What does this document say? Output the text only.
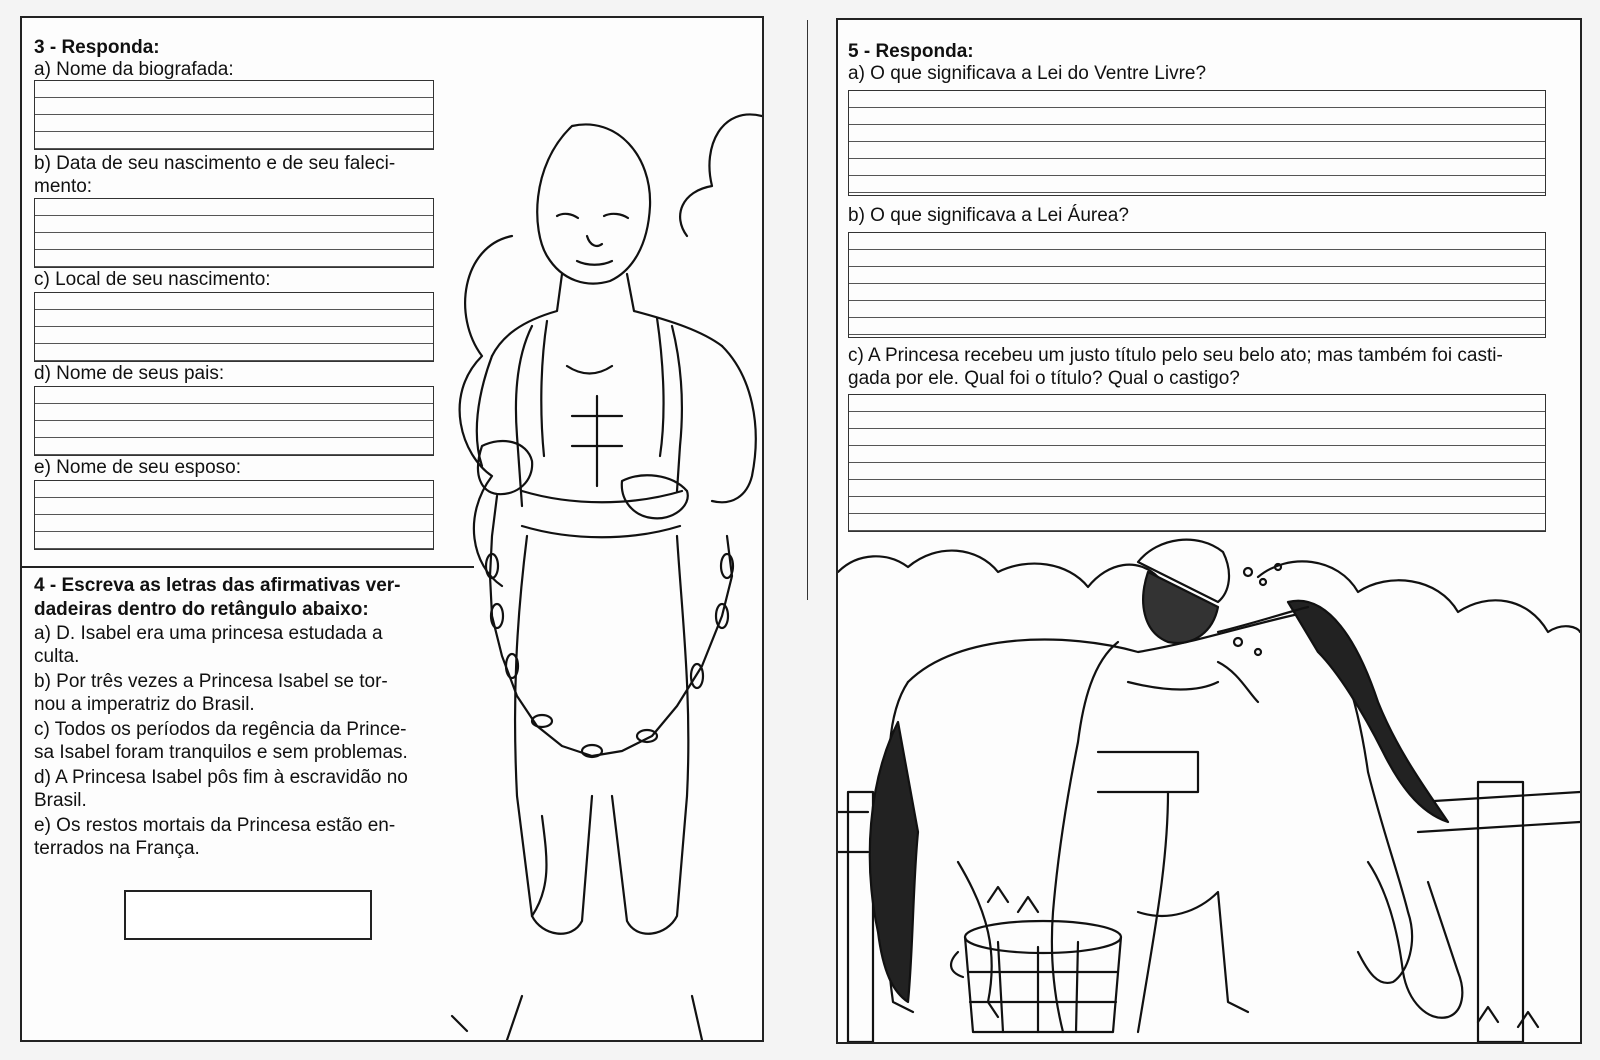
3 - Responda:
a) Nome da biografada:
b) Data de seu nascimento e de seu faleci-
mento:
c) Local de seu nascimento:
d) Nome de seus pais:
e) Nome de seu esposo:
4 - Escreva as letras das afirmativas ver-
dadeiras dentro do retângulo abaixo:
a) D. Isabel era uma princesa estudada a
culta.
b) Por três vezes a Princesa Isabel se tor-
nou a imperatriz do Brasil.
c) Todos os períodos da regência da Prince-
sa Isabel foram tranquilos e sem problemas.
d) A Princesa Isabel pôs fim à escravidão no
Brasil.
e) Os restos mortais da Princesa estão en-
terrados na França.
5 - Responda:
a) O que significava a Lei do Ventre Livre?
b) O que significava a Lei Áurea?
c) A Princesa recebeu um justo título pelo seu belo ato; mas também foi casti-
gada por ele. Qual foi o título? Qual o castigo?
